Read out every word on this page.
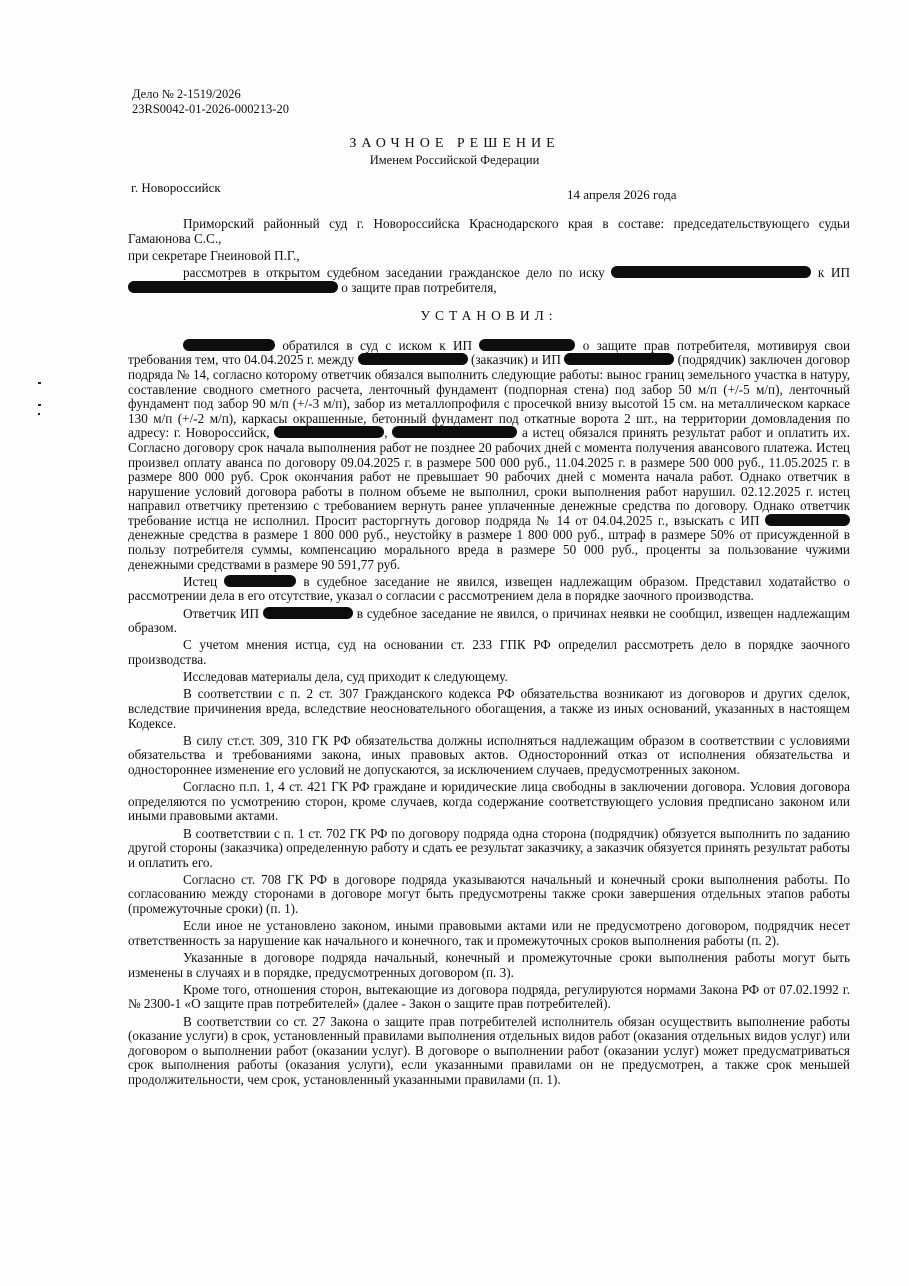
Дело № 2-1519/2026
23RS0042-01-2026-000213-20
ЗАОЧНОЕ РЕШЕНИЕ
Именем Российской Федерации
г. Новороссийск	14 апреля 2026 года

Приморский районный суд г. Новороссийска Краснодарского края в составе: председательствующего судьи Гамаюнова С.С.,

при секретаре Гнеиновой П.Г.,

рассмотрев в открытом судебном заседании гражданское дело по иску	к ИП  о защите прав потребителя,

УСТАНОВИЛ:

обратился в суд с иском к ИП	о защите прав потребителя, мотивируя свои требования тем, что 04.04.2025 г. между	(заказчик) и ИП	(подрядчик) заключен договор подряда № 14, согласно которому ответчик обязался выполнить следующие работы: вынос границ земельного участка в натуру, составление сводного сметного расчета, ленточный фундамент (подпорная стена) под забор 50 м/п (+/-5 м/п), ленточный фундамент под забор 90 м/п (+/-3 м/п), забор из металлопрофиля с просечкой внизу высотой 15 см. на металлическом каркасе 130 м/п (+/-2 м/п), каркасы окрашенные, бетонный фундамент под откатные ворота 2 шт., на территории домовладения по адресу: г. Новороссийск,	,	а истец обязался принять результат работ и оплатить их. Согласно договору срок начала выполнения работ не позднее 20 рабочих дней с момента получения авансового платежа. Истец произвел оплату аванса по договору 09.04.2025 г. в размере 500 000 руб., 11.04.2025 г. в размере 500 000 руб., 11.05.2025 г. в размере 800 000 руб. Срок окончания работ не превышает 90 рабочих дней с момента начала работ. Однако ответчик в нарушение условий договора работы в полном объеме не выполнил, сроки выполнения работ нарушил. 02.12.2025 г. истец направил ответчику претензию с требованием вернуть ранее уплаченные денежные средства по договору. Однако ответчик требование истца не исполнил. Просит расторгнуть договор подряда № 14 от 04.04.2025 г., взыскать с ИП  денежные средства в размере 1 800 000 руб., неустойку в размере 1 800 000 руб., штраф в размере 50% от присужденной в пользу потребителя суммы, компенсацию морального вреда в размере 50 000 руб., проценты за пользование чужими денежными средствами в размере 90 591,77 руб.

Истец	в судебное заседание не явился, извещен надлежащим образом. Представил ходатайство о рассмотрении дела в его отсутствие, указал о согласии с рассмотрением дела в порядке заочного производства.

Ответчик ИП	в судебное заседание не явился, о причинах неявки не сообщил, извещен надлежащим образом.

С учетом мнения истца, суд на основании ст. 233 ГПК РФ определил рассмотреть дело в порядке заочного производства.

Исследовав материалы дела, суд приходит к следующему.

В соответствии с п. 2 ст. 307 Гражданского кодекса РФ обязательства возникают из договоров и других сделок, вследствие причинения вреда, вследствие неосновательного обогащения, а также из иных оснований, указанных в настоящем Кодексе.

В силу ст.ст. 309, 310 ГК РФ обязательства должны исполняться надлежащим образом в соответствии с условиями обязательства и требованиями закона, иных правовых актов. Односторонний отказ от исполнения обязательства и одностороннее изменение его условий не допускаются, за исключением случаев, предусмотренных законом.

Согласно п.п. 1, 4 ст. 421 ГК РФ граждане и юридические лица свободны в заключении договора. Условия договора определяются по усмотрению сторон, кроме случаев, когда содержание соответствующего условия предписано законом или иными правовыми актами.

В соответствии с п. 1 ст. 702 ГК РФ по договору подряда одна сторона (подрядчик) обязуется выполнить по заданию другой стороны (заказчика) определенную работу и сдать ее результат заказчику, а заказчик обязуется принять результат работы и оплатить его.

Согласно ст. 708 ГК РФ в договоре подряда указываются начальный и конечный сроки выполнения работы. По согласованию между сторонами в договоре могут быть предусмотрены также сроки завершения отдельных этапов работы (промежуточные сроки) (п. 1).

Если иное не установлено законом, иными правовыми актами или не предусмотрено договором, подрядчик несет ответственность за нарушение как начального и конечного, так и промежуточных сроков выполнения работы (п. 2).

Указанные в договоре подряда начальный, конечный и промежуточные сроки выполнения работы могут быть изменены в случаях и в порядке, предусмотренных договором (п. 3).

Кроме того, отношения сторон, вытекающие из договора подряда, регулируются нормами Закона РФ от 07.02.1992 г. № 2300-1 «О защите прав потребителей» (далее - Закон о защите прав потребителей).

В соответствии со ст. 27 Закона о защите прав потребителей исполнитель обязан осуществить выполнение работы (оказание услуги) в срок, установленный правилами выполнения отдельных видов работ (оказания отдельных видов услуг) или договором о выполнении работ (оказании услуг). В договоре о выполнении работ (оказании услуг) может предусматриваться срок выполнения работы (оказания услуги), если указанными правилами он не предусмотрен, а также срок меньшей продолжительности, чем срок, установленный указанными правилами (п. 1).
